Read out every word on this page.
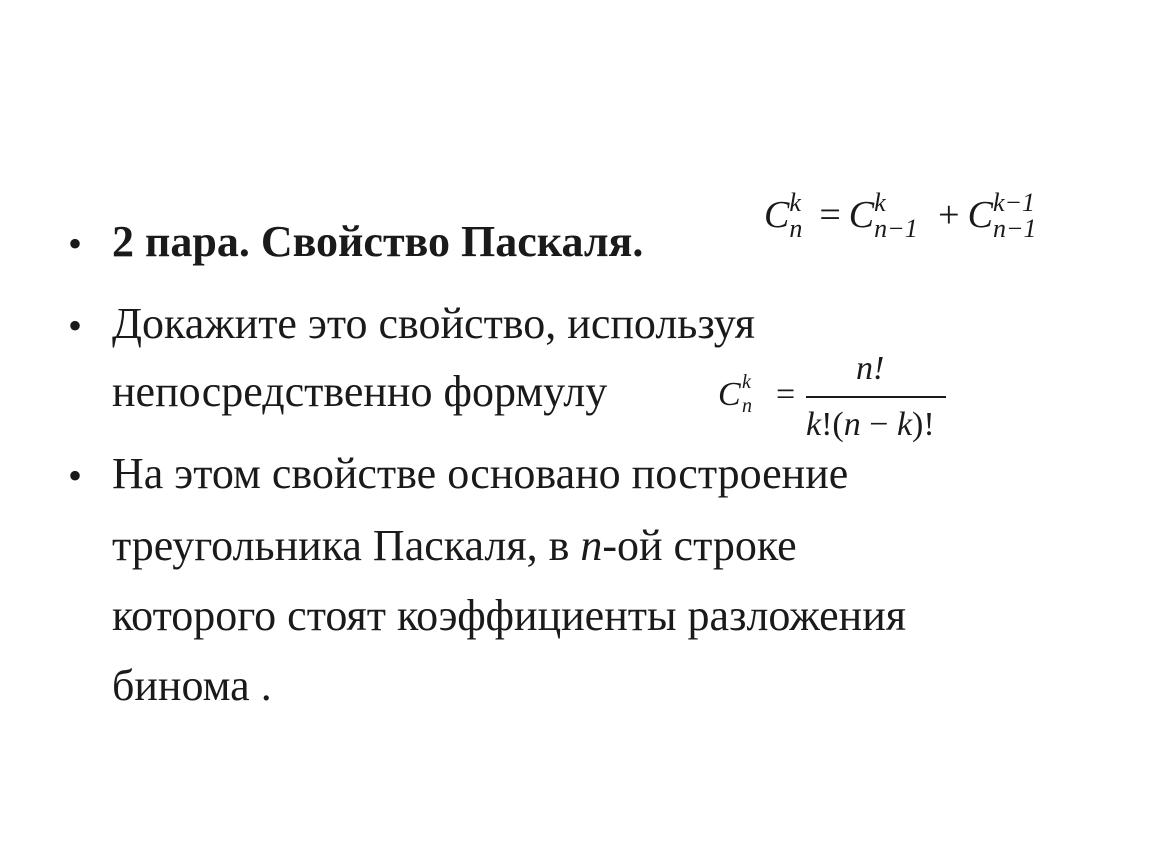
• 2 пара. Свойство Паскаля.
C k
n = C k
n−1 + C k−1
n−1
• Докажите это свойство, используя
непосредственно формулу	C k
n =
n!
k!(n − k)!
• На этом свойстве основано построение
треугольника Паскаля, в n-ой строке
которого стоят коэффициенты разложения
бинома .
